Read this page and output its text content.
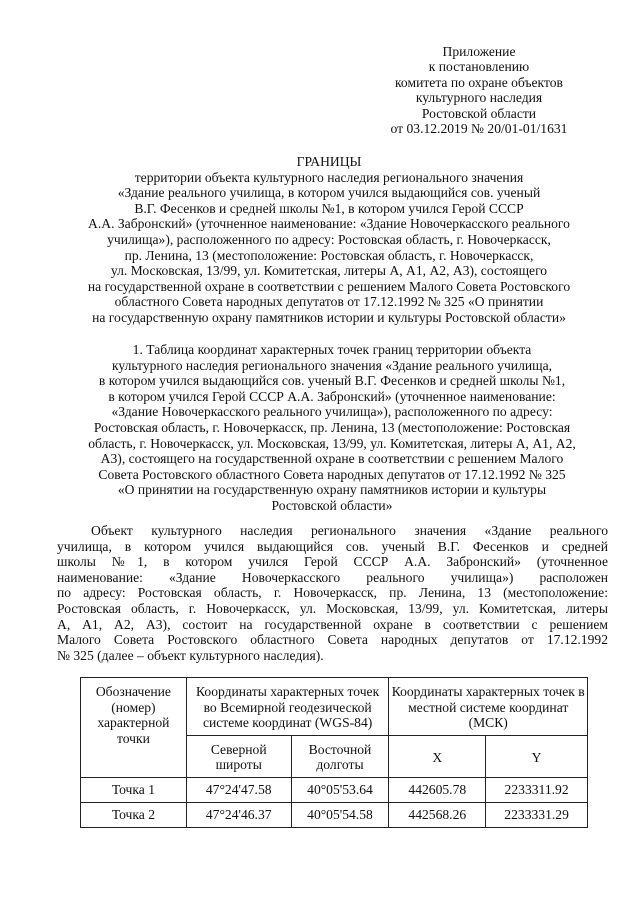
Приложение
к постановлению
комитета по охране объектов
культурного наследия
Ростовской области
от 03.12.2019 № 20/01-01/1631
ГРАНИЦЫ
территории объекта культурного наследия регионального значения
«Здание реального училища, в котором учился выдающийся сов. ученый
В.Г. Фесенков и средней школы №1, в котором учился Герой СССР
А.А. Забронский» (уточненное наименование: «Здание Новочеркасского реального
училища»), расположенного по адресу: Ростовская область, г. Новочеркасск,
пр. Ленина, 13 (местоположение: Ростовская область, г. Новочеркасск,
ул. Московская, 13/99, ул. Комитетская, литеры А, А1, А2, А3), состоящего
на государственной охране в соответствии с решением Малого Совета Ростовского
областного Совета народных депутатов от 17.12.1992 № 325 «О принятии
на государственную охрану памятников истории и культуры Ростовской области»
1. Таблица координат характерных точек границ территории объекта
культурного наследия регионального значения «Здание реального училища,
в котором учился выдающийся сов. ученый В.Г. Фесенков и средней школы №1,
в котором учился Герой СССР А.А. Забронский» (уточненное наименование:
«Здание Новочеркасского реального училища»), расположенного по адресу:
Ростовская область, г. Новочеркасск, пр. Ленина, 13 (местоположение: Ростовская
область, г. Новочеркасск, ул. Московская, 13/99, ул. Комитетская, литеры А, А1, А2,
А3), состоящего на государственной охране в соответствии с решением Малого
Совета Ростовского областного Совета народных депутатов от 17.12.1992 № 325
«О принятии на государственную охрану памятников истории и культуры
Ростовской области»
Объект культурного наследия регионального значения «Здание реального
училища, в котором учился выдающийся сов. ученый В.Г. Фесенков и средней
школы №1, в котором учился Герой СССР А.А. Забронский» (уточненное
наименование: «Здание Новочеркасского реального училища») расположен
по адресу: Ростовская область, г. Новочеркасск, пр. Ленина, 13 (местоположение:
Ростовская область, г. Новочеркасск, ул. Московская, 13/99, ул. Комитетская, литеры
А, А1, А2, А3), состоит на государственной охране в соответствии с решением
Малого Совета Ростовского областного Совета народных депутатов от 17.12.1992
№ 325 (далее – объект культурного наследия).
Обозначение (номер) характерной точки	Координаты характерных точек во Всемирной геодезической системе координат (WGS-84)		Координаты характерных точек в местной системе координат (МСК)	
	Северной широты	Восточной долготы	X	Y
Точка 1	47°24'47.58	40°05'53.64	442605.78	2233311.92
Точка 2	47°24'46.37	40°05'54.58	442568.26	2233331.29
